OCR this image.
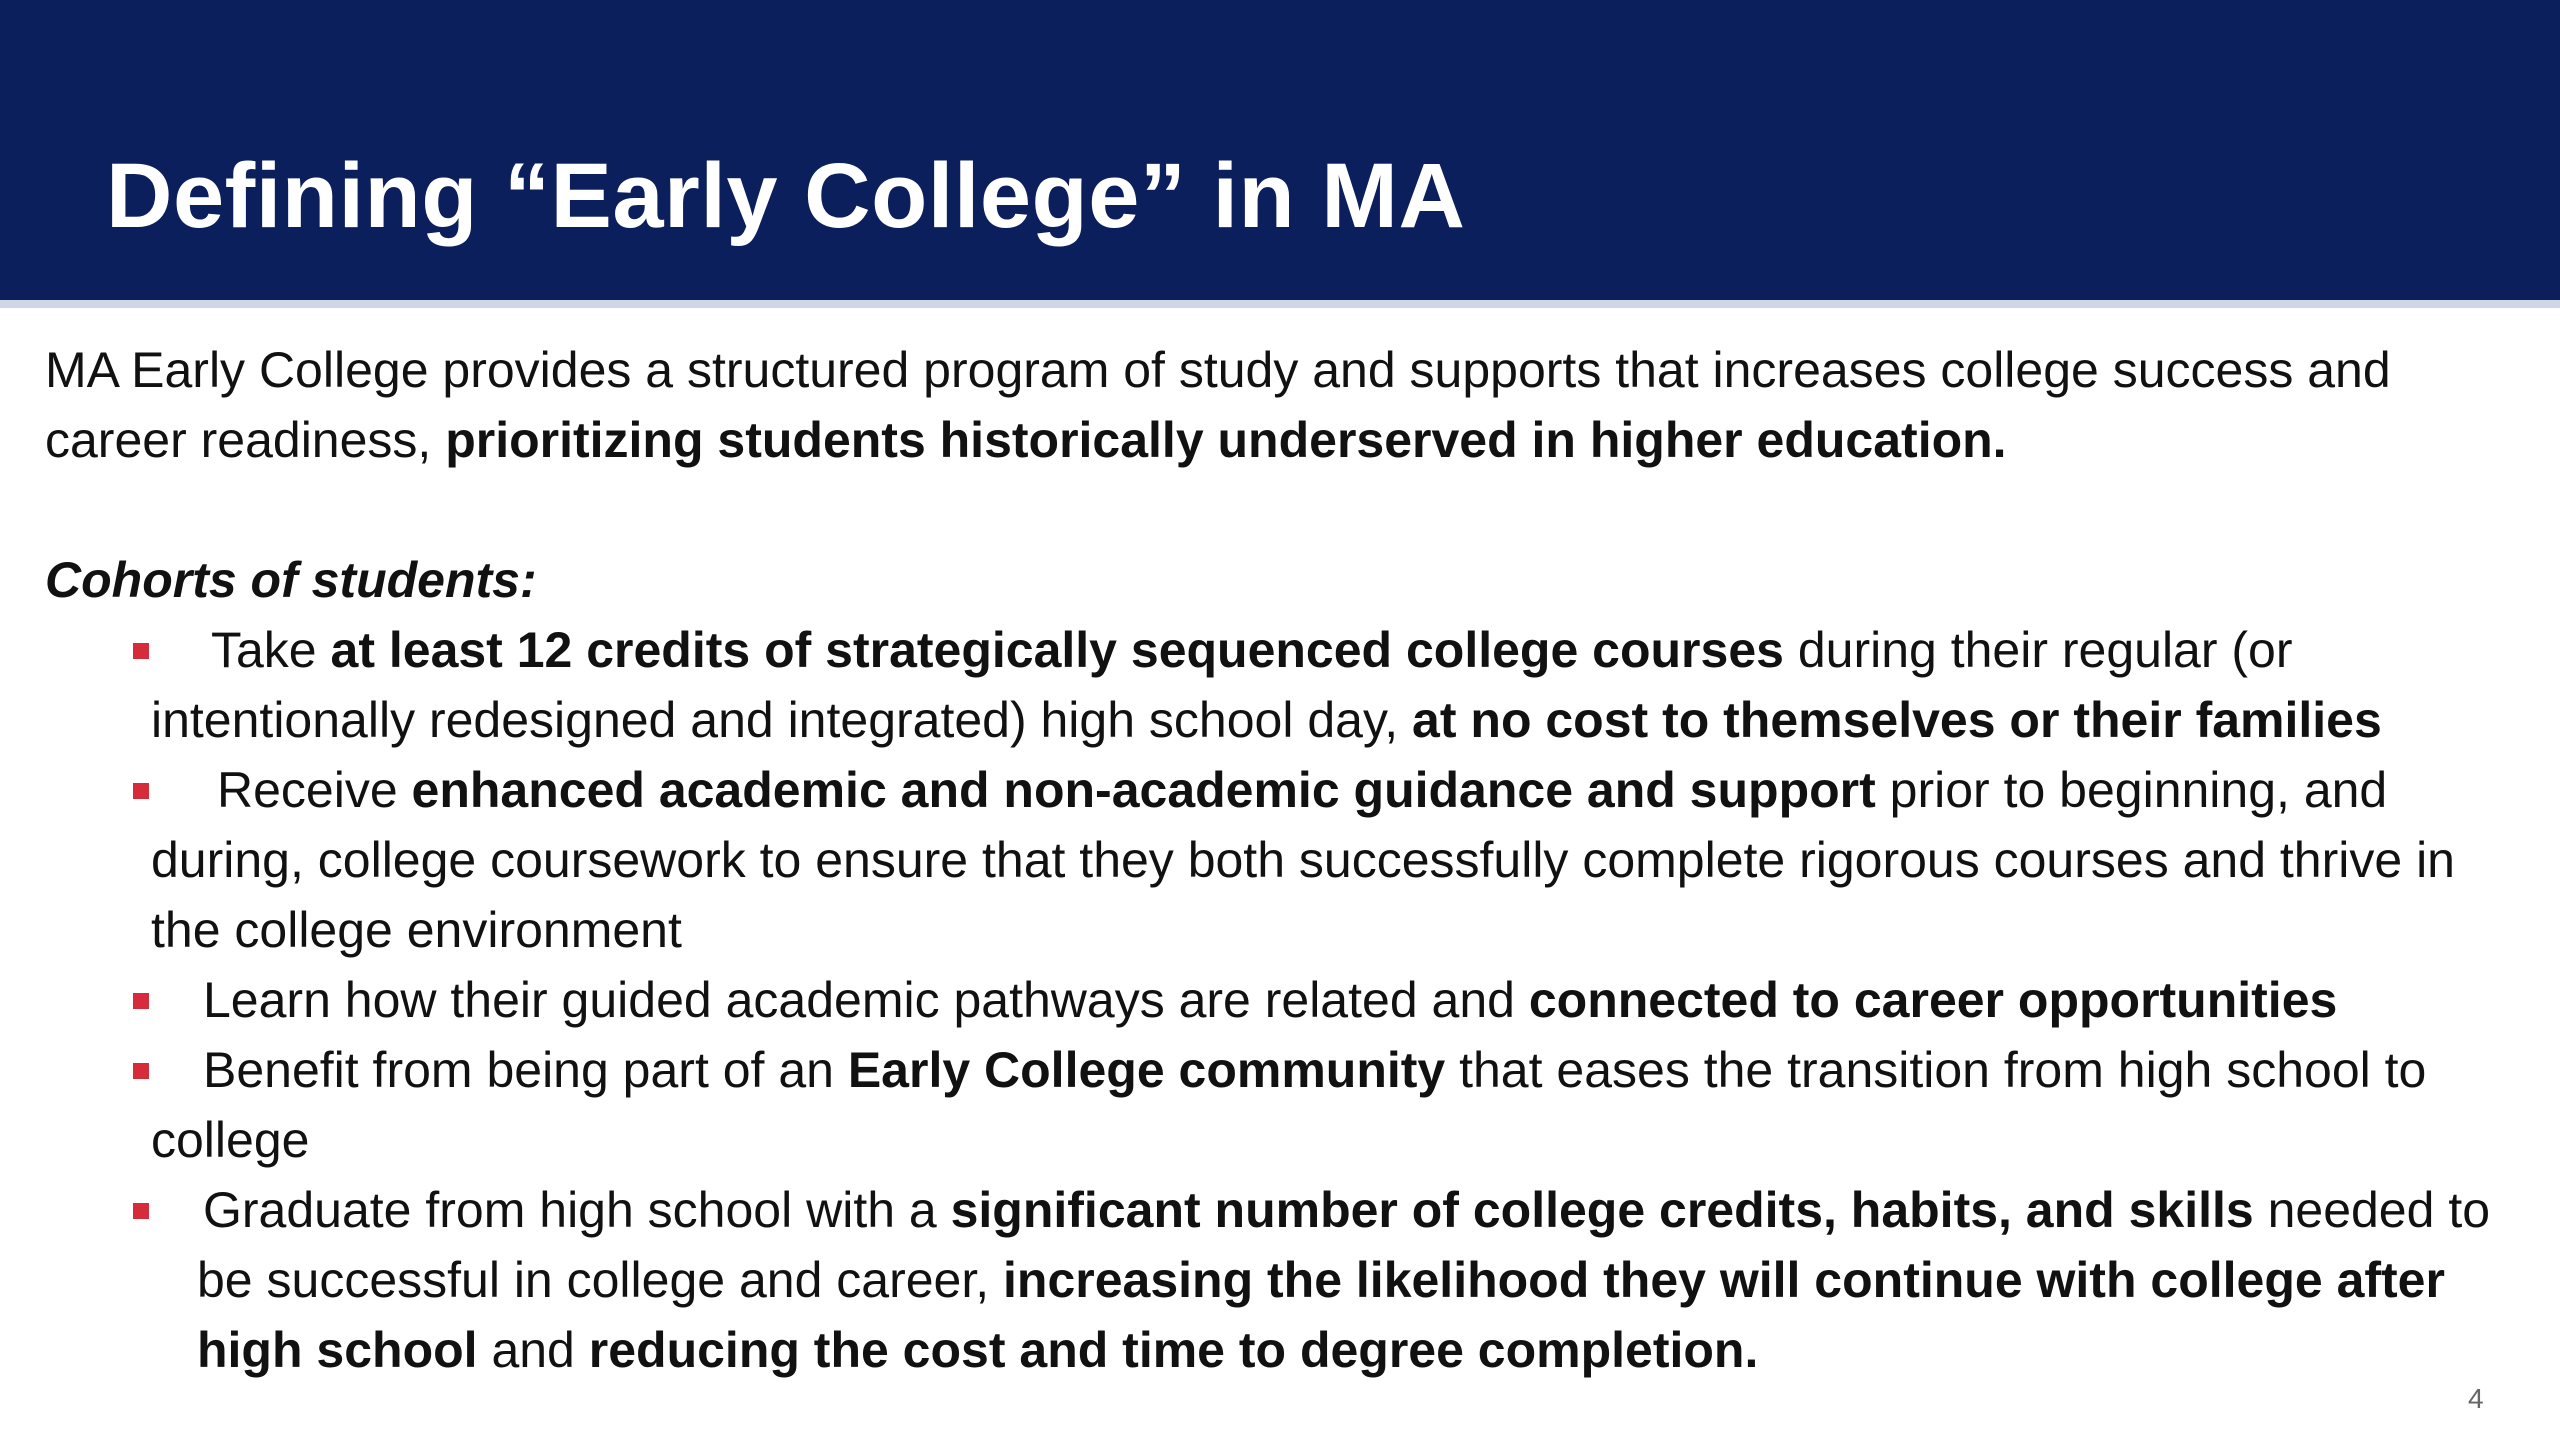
Defining “Early College” in MA

MA Early College provides a structured program of study and supports that increases college success and career readiness, prioritizing students historically underserved in higher education.

Cohorts of students:

Take at least 12 credits of strategically sequenced college courses during their regular (or intentionally redesigned and integrated) high school day, at no cost to themselves or their families
Receive enhanced academic and non-academic guidance and support prior to beginning, and during, college coursework to ensure that they both successfully complete rigorous courses and thrive in the college environment
Learn how their guided academic pathways are related and connected to career opportunities
Benefit from being part of an Early College community that eases the transition from high school to college
Graduate from high school with a significant number of college credits, habits, and skills needed to be successful in college and career, increasing the likelihood they will continue with college after high school and reducing the cost and time to degree completion.
4
